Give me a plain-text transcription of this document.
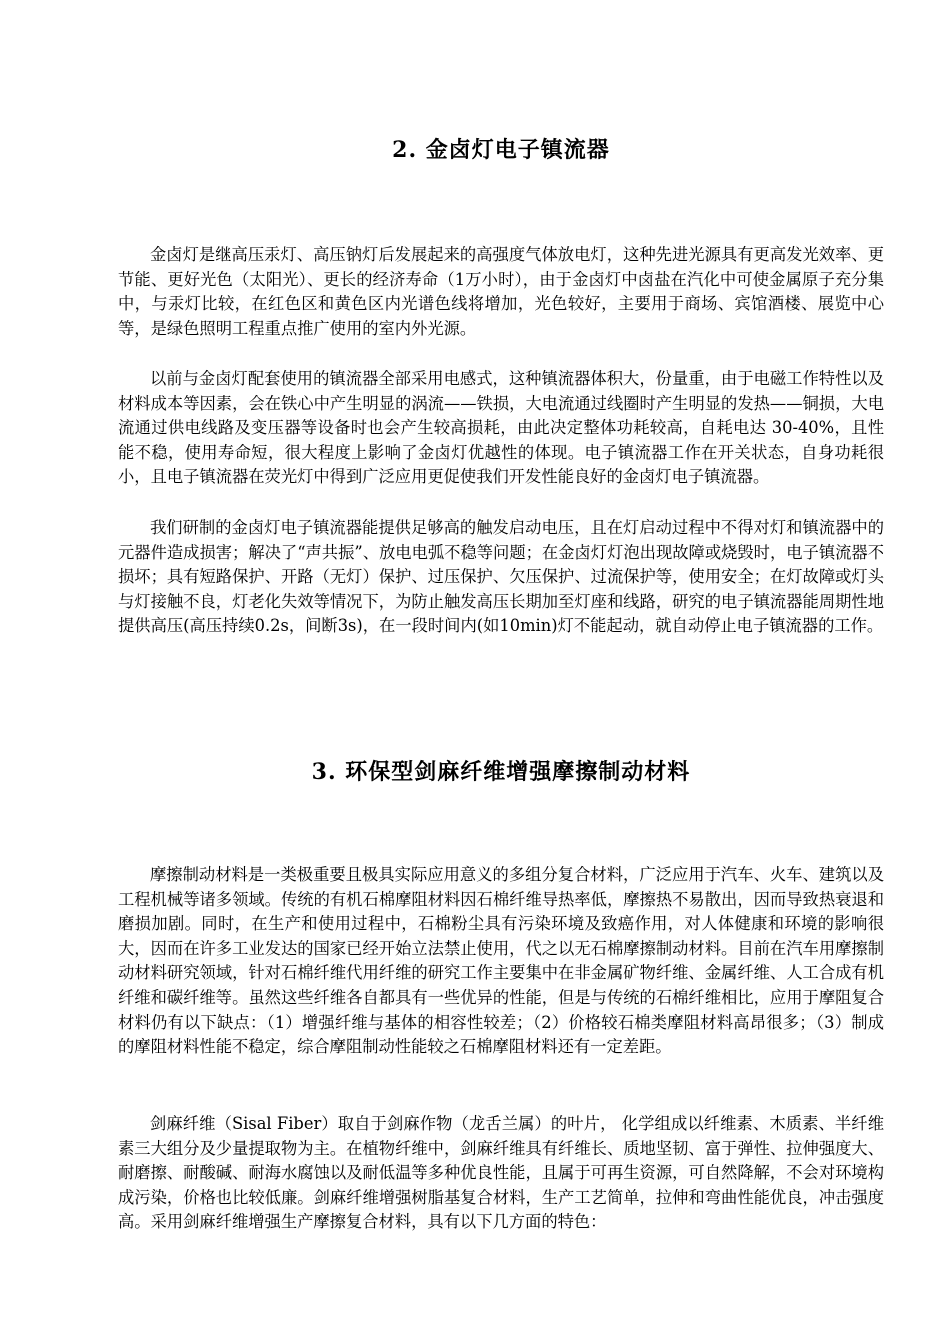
2. 金卤灯电子镇流器

金卤灯是继高压汞灯、高压钠灯后发展起来的高强度气体放电灯，这种先进光源具有更高发光效率、更节能、更好光色（太阳光）、更长的经济寿命（1万小时），由于金卤灯中卤盐在汽化中可使金属原子充分集中，与汞灯比较，在红色区和黄色区内光谱色线将增加，光色较好，主要用于商场、宾馆酒楼、展览中心等，是绿色照明工程重点推广使用的室内外光源。

以前与金卤灯配套使用的镇流器全部采用电感式，这种镇流器体积大，份量重，由于电磁工作特性以及材料成本等因素，会在铁心中产生明显的涡流——铁损，大电流通过线圈时产生明显的发热——铜损，大电流通过供电线路及变压器等设备时也会产生较高损耗，由此决定整体功耗较高，自耗电达 30-40%，且性能不稳，使用寿命短，很大程度上影响了金卤灯优越性的体现。电子镇流器工作在开关状态，自身功耗很小，且电子镇流器在荧光灯中得到广泛应用更促使我们开发性能良好的金卤灯电子镇流器。

我们研制的金卤灯电子镇流器能提供足够高的触发启动电压，且在灯启动过程中不得对灯和镇流器中的元器件造成损害；解决了“声共振”、放电电弧不稳等问题；在金卤灯灯泡出现故障或烧毁时，电子镇流器不损坏；具有短路保护、开路（无灯）保护、过压保护、欠压保护、过流保护等，使用安全；在灯故障或灯头与灯接触不良，灯老化失效等情况下，为防止触发高压长期加至灯座和线路，研究的电子镇流器能周期性地提供高压(高压持续0.2s，间断3s)，在一段时间内(如10min)灯不能起动，就自动停止电子镇流器的工作。

3. 环保型剑麻纤维增强摩擦制动材料

摩擦制动材料是一类极重要且极具实际应用意义的多组分复合材料，广泛应用于汽车、火车、建筑以及工程机械等诸多领域。传统的有机石棉摩阻材料因石棉纤维导热率低，摩擦热不易散出，因而导致热衰退和磨损加剧。同时，在生产和使用过程中，石棉粉尘具有污染环境及致癌作用，对人体健康和环境的影响很大，因而在许多工业发达的国家已经开始立法禁止使用，代之以无石棉摩擦制动材料。目前在汽车用摩擦制动材料研究领域，针对石棉纤维代用纤维的研究工作主要集中在非金属矿物纤维、金属纤维、人工合成有机纤维和碳纤维等。虽然这些纤维各自都具有一些优异的性能，但是与传统的石棉纤维相比，应用于摩阻复合材料仍有以下缺点：（1）增强纤维与基体的相容性较差；（2）价格较石棉类摩阻材料高昂很多；（3）制成的摩阻材料性能不稳定，综合摩阻制动性能较之石棉摩阻材料还有一定差距。

剑麻纤维（Sisal Fiber）取自于剑麻作物（龙舌兰属）的叶片， 化学组成以纤维素、木质素、半纤维素三大组分及少量提取物为主。在植物纤维中，剑麻纤维具有纤维长、质地坚韧、富于弹性、拉伸强度大、耐磨擦、耐酸碱、耐海水腐蚀以及耐低温等多种优良性能，且属于可再生资源，可自然降解，不会对环境构成污染，价格也比较低廉。剑麻纤维增强树脂基复合材料，生产工艺简单，拉伸和弯曲性能优良，冲击强度高。采用剑麻纤维增强生产摩擦复合材料，具有以下几方面的特色：
